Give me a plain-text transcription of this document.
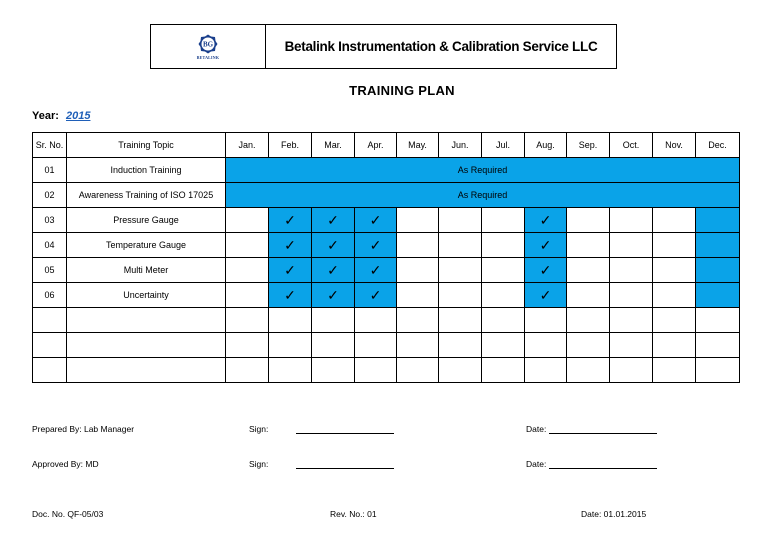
BG
BETALINK
Betalink Instrumentation & Calibration Service LLC
TRAINING PLAN
Year: 2015
Sr. No.	Training Topic	Jan.	Feb.	Mar.	Apr.	May.	Jun.	Jul.	Aug.	Sep.	Oct.	Nov.	Dec.
01	Induction Training	As Required											
02	Awareness Training of ISO 17025	As Required											
03	Pressure Gauge		✓	✓	✓				✓				
04	Temperature Gauge		✓	✓	✓				✓				
05	Multi Meter		✓	✓	✓				✓				
06	Uncertainty		✓	✓	✓				✓				

Prepared By: Lab Manager	Sign:	Date:
Approved By: MD	Sign:	Date:
Doc. No. QF-05/03	Rev. No.: 01	Date: 01.01.2015
